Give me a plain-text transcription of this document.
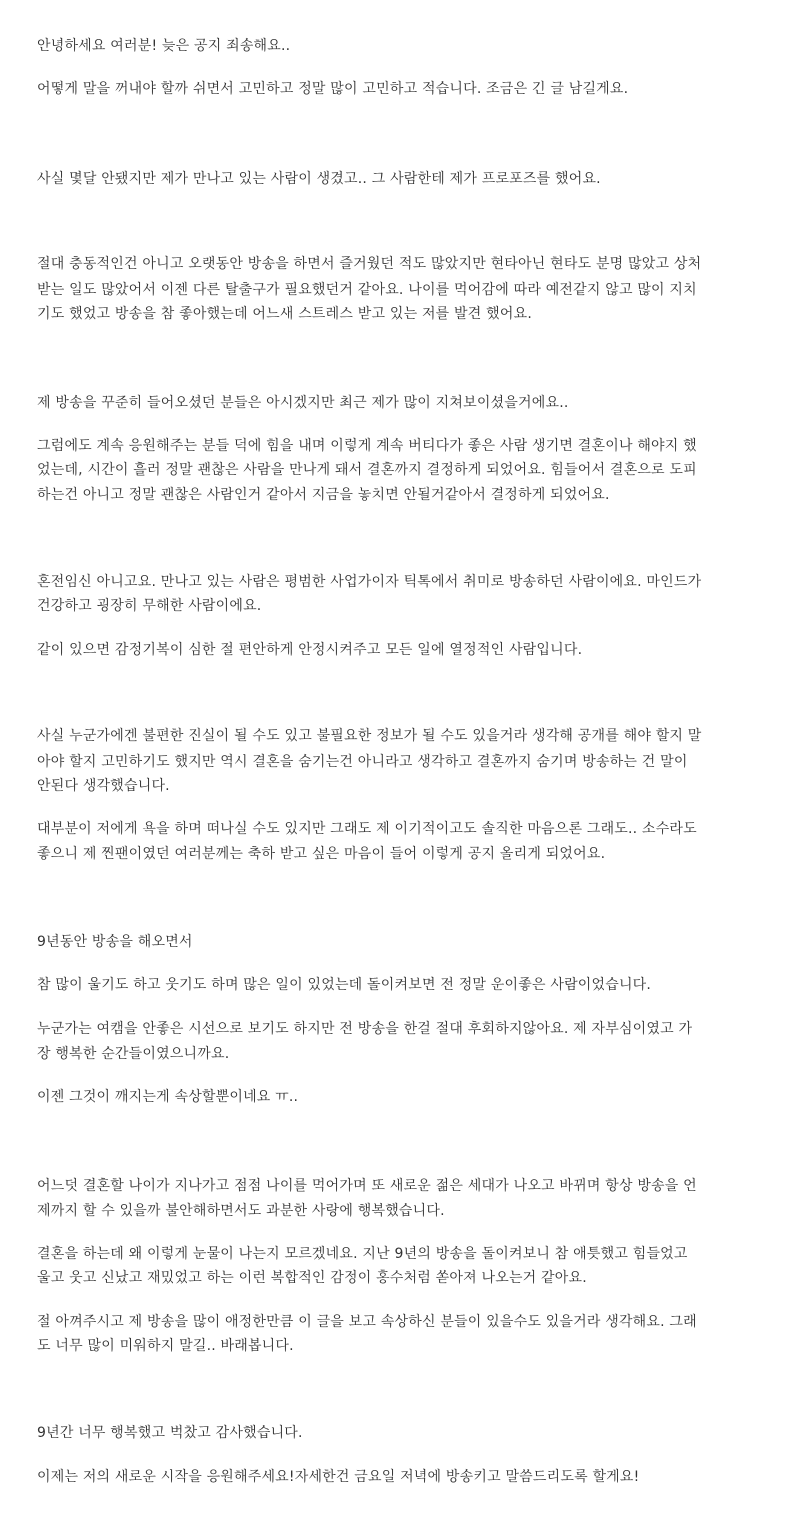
안녕하세요 여러분! 늦은 공지 죄송해요..
어떻게 말을 꺼내야 할까 쉬면서 고민하고 정말 많이 고민하고 적습니다. 조금은 긴 글 남길게요.
사실 몇달 안됐지만 제가 만나고 있는 사람이 생겼고.. 그 사람한테 제가 프로포즈를 했어요.
절대 충동적인건 아니고 오랫동안 방송을 하면서 즐거웠던 적도 많았지만 현타아닌 현타도 분명 많았고 상처
받는 일도 많았어서 이젠 다른 탈출구가 필요했던거 같아요. 나이를 먹어감에 따라 예전같지 않고 많이 지치
기도 했었고 방송을 참 좋아했는데 어느새 스트레스 받고 있는 저를 발견 했어요.
제 방송을 꾸준히 들어오셨던 분들은 아시겠지만 최근 제가 많이 지쳐보이셨을거에요..
그럼에도 계속 응원해주는 분들 덕에 힘을 내며 이렇게 계속 버티다가 좋은 사람 생기면 결혼이나 해야지 했
었는데, 시간이 흘러 정말 괜찮은 사람을 만나게 돼서 결혼까지 결정하게 되었어요. 힘들어서 결혼으로 도피
하는건 아니고 정말 괜찮은 사람인거 같아서 지금을 놓치면 안될거같아서 결정하게 되었어요.
혼전임신 아니고요. 만나고 있는 사람은 평범한 사업가이자 틱톡에서 취미로 방송하던 사람이에요. 마인드가
건강하고 굉장히 무해한 사람이에요.
같이 있으면 감정기복이 심한 절 편안하게 안정시켜주고 모든 일에 열정적인 사람입니다.
사실 누군가에겐 불편한 진실이 될 수도 있고 불필요한 정보가 될 수도 있을거라 생각해 공개를 해야 할지 말
아야 할지 고민하기도 했지만 역시 결혼을 숨기는건 아니라고 생각하고 결혼까지 숨기며 방송하는 건 말이
안된다 생각했습니다.
대부분이 저에게 욕을 하며 떠나실 수도 있지만 그래도 제 이기적이고도 솔직한 마음으론 그래도.. 소수라도
좋으니 제 찐팬이였던 여러분께는 축하 받고 싶은 마음이 들어 이렇게 공지 올리게 되었어요.
9년동안 방송을 해오면서
참 많이 울기도 하고 웃기도 하며 많은 일이 있었는데 돌이켜보면 전 정말 운이좋은 사람이었습니다.
누군가는 여캠을 안좋은 시선으로 보기도 하지만 전 방송을 한걸 절대 후회하지않아요. 제 자부심이였고 가
장 행복한 순간들이였으니까요.
이젠 그것이 깨지는게 속상할뿐이네요 ㅠ..
어느덧 결혼할 나이가 지나가고 점점 나이를 먹어가며 또 새로운 젊은 세대가 나오고 바뀌며 항상 방송을 언
제까지 할 수 있을까 불안해하면서도 과분한 사랑에 행복했습니다.
결혼을 하는데 왜 이렇게 눈물이 나는지 모르겠네요. 지난 9년의 방송을 돌이켜보니 참 애틋했고 힘들었고
울고 웃고 신났고 재밌었고 하는 이런 복합적인 감정이 홍수처럼 쏟아져 나오는거 같아요.
절 아껴주시고 제 방송을 많이 애정한만큼 이 글을 보고 속상하신 분들이 있을수도 있을거라 생각해요. 그래
도 너무 많이 미워하지 말길.. 바래봅니다.
9년간 너무 행복했고 벅찼고 감사했습니다.
이제는 저의 새로운 시작을 응원해주세요!자세한건 금요일 저녁에 방송키고 말씀드리도록 할게요!
